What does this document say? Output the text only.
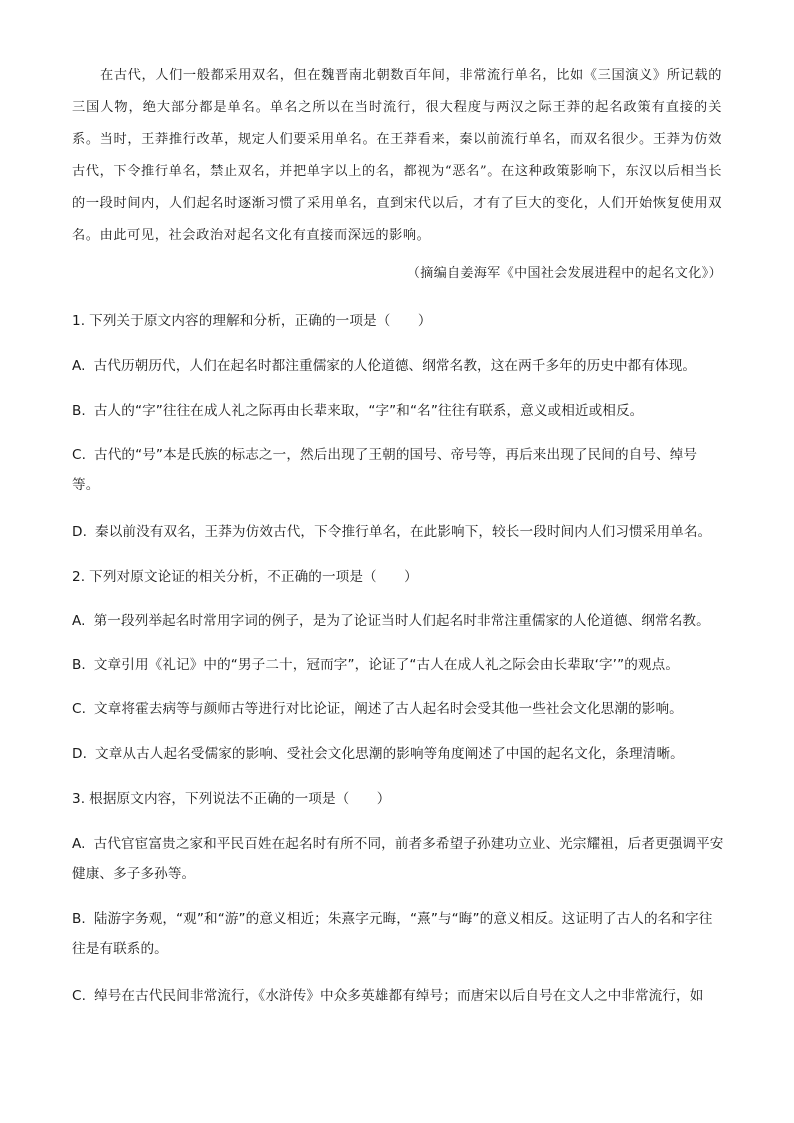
在古代，人们一般都采用双名，但在魏晋南北朝数百年间，非常流行单名，比如《三国演义》所记载的三国人物，绝大部分都是单名。单名之所以在当时流行，很大程度与两汉之际王莽的起名政策有直接的关系。当时，王莽推行改革，规定人们要采用单名。在王莽看来，秦以前流行单名，而双名很少。王莽为仿效古代，下令推行单名，禁止双名，并把单字以上的名，都视为“恶名”。在这种政策影响下，东汉以后相当长的一段时间内，人们起名时逐渐习惯了采用单名，直到宋代以后，才有了巨大的变化，人们开始恢复使用双名。由此可见，社会政治对起名文化有直接而深远的影响。

（摘编自姜海军《中国社会发展进程中的起名文化》）
1. 下列关于原文内容的理解和分析，正确的一项是（　　）
A. 古代历朝历代，人们在起名时都注重儒家的人伦道德、纲常名教，这在两千多年的历史中都有体现。
B. 古人的“字”往往在成人礼之际再由长辈来取，“字”和“名”往往有联系，意义或相近或相反。
C. 古代的“号”本是氏族的标志之一，然后出现了王朝的国号、帝号等，再后来出现了民间的自号、绰号等。
D. 秦以前没有双名，王莽为仿效古代，下令推行单名，在此影响下，较长一段时间内人们习惯采用单名。
2. 下列对原文论证的相关分析，不正确的一项是（　　）
A. 第一段列举起名时常用字词的例子，是为了论证当时人们起名时非常注重儒家的人伦道德、纲常名教。
B. 文章引用《礼记》中的“男子二十，冠而字”，论证了“古人在成人礼之际会由长辈取‘字’”的观点。
C. 文章将霍去病等与颜师古等进行对比论证，阐述了古人起名时会受其他一些社会文化思潮的影响。
D. 文章从古人起名受儒家的影响、受社会文化思潮的影响等角度阐述了中国的起名文化，条理清晰。
3. 根据原文内容，下列说法不正确的一项是（　　）
A. 古代官宦富贵之家和平民百姓在起名时有所不同，前者多希望子孙建功立业、光宗耀祖，后者更强调平安健康、多子多孙等。
B. 陆游字务观，“观”和“游”的意义相近；朱熹字元晦，“熹”与“晦”的意义相反。这证明了古人的名和字往往是有联系的。
C. 绰号在古代民间非常流行，《水浒传》中众多英雄都有绰号；而唐宋以后自号在文人之中非常流行，如
